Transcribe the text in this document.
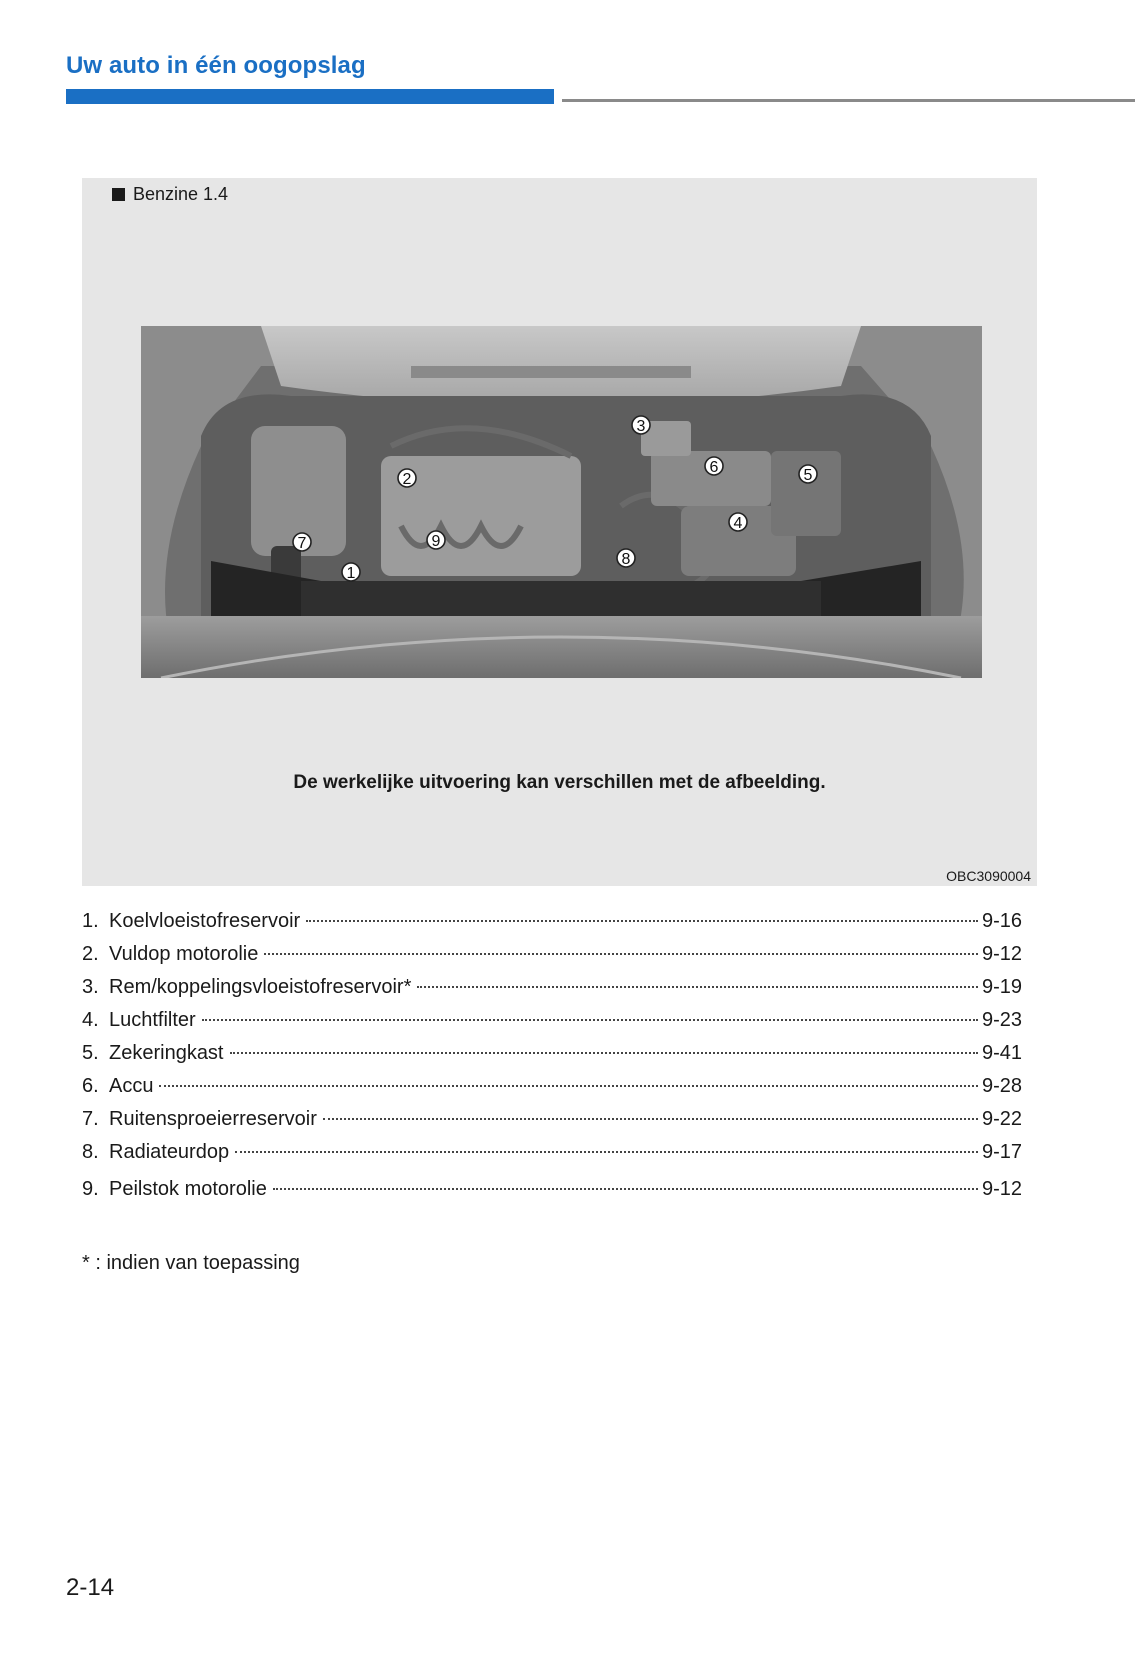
Uw auto in één oogopslag
Benzine 1.4
1
2
3
4
5
6
7
8
9
De werkelijke uitvoering kan verschillen met de afbeelding.
OBC3090004
1. Koelvloeistofreservoir	9-16
2. Vuldop motorolie	9-12
3. Rem/koppelingsvloeistofreservoir*	9-19
4. Luchtfilter	9-23
5. Zekeringkast	9-41
6. Accu	9-28
7. Ruitensproeierreservoir	9-22
8. Radiateurdop	9-17
9. Peilstok motorolie	9-12
* : indien van toepassing
2-14
